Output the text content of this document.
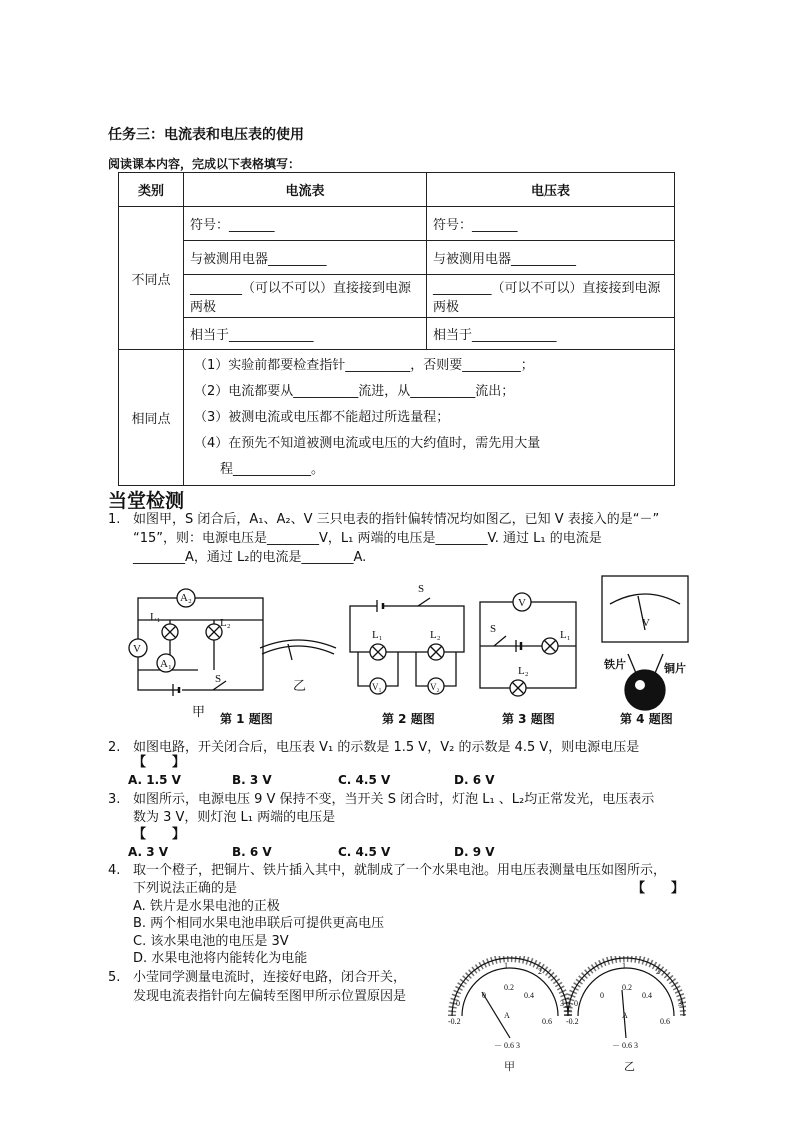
任务三：电流表和电压表的使用
阅读课本内容，完成以下表格填写：
类别	电流表	电压表
不同点	符号：_______	符号：_______
	与被测用电器_________	与被测用电器__________
	________（可以不可以）直接接到电源两极	_________（可以不可以）直接接到电源两极
	相当于_____________	相当于_____________
相同点	（1）实验前都要检查指针__________，否则要_________；
（2）电流都要从__________流进，从__________流出；
（3）被测电流或电压都不能超过所选量程；
（4）在预先不知道被测电流或电压的大约值时，需先用大量
程____________。	
当堂检测
1. 如图甲，S 闭合后，A₁、A₂、V 三只电表的指针偏转情况均如图乙，已知 V 表接入的是“－”
“15”，则：电源电压是________V，L₁ 两端的电压是________V. 通过 L₁ 的电流是
________A，通过 L₂的电流是________A.
A₂
V
A₁
L₁	L₂
S
甲
乙
S
L₁	L₂
V₁	V₂
V
S	L₁
L₂
V
铁片	铜片
第 1 题图	第 2 题图	第 3 题图	第 4 题图
2. 如图电路，开关闭合后，电压表 V₁ 的示数是 1.5 V，V₂ 的示数是 4.5 V，则电源电压是
【　　】
A. 1.5 V	B. 3 V	C. 4.5 V	D. 6 V
3. 如图所示，电源电压 9 V 保持不变，当开关 S 闭合时，灯泡 L₁ 、L₂均正常发光，电压表示
数为 3 V，则灯泡 L₁ 两端的电压是
【　　】
A. 3 V	B. 6 V	C. 4.5 V	D. 9 V
4. 取一个橙子，把铜片、铁片插入其中，就制成了一个水果电池。用电压表测量电压如图所示，
下列说法正确的是	【　　】
A. 铁片是水果电池的正极
B. 两个相同水果电池串联后可提供更高电压
C. 该水果电池的电压是 3V
D. 水果电池将内能转化为电能
5. 小莹同学测量电流时，连接好电路，闭合开关，
发现电流表指针向左偏转至图甲所示位置原因是	0
1
2
3
-0.2
0
0.2
0.4
0.6
A
－ 0.6 3
0
1
2
3
-0.2
0
0.2
0.4
0.6
A
－ 0.6 3
甲	乙
